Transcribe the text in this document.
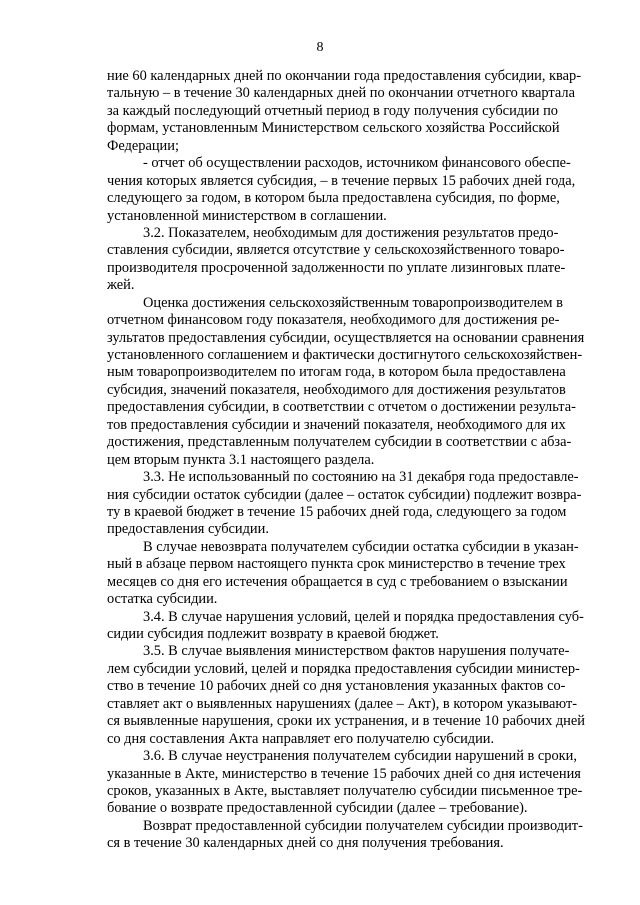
8
ние 60 календарных дней по окончании года предоставления субсидии, квар-
тальную – в течение 30 календарных дней по окончании отчетного квартала
за каждый последующий отчетный период в году получения субсидии по
формам, установленным Министерством сельского хозяйства Российской
Федерации;
- отчет об осуществлении расходов, источником финансового обеспе-
чения которых является субсидия, – в течение первых 15 рабочих дней года,
следующего за годом, в котором была предоставлена субсидия, по форме,
установленной министерством в соглашении.
3.2. Показателем, необходимым для достижения результатов предо-
ставления субсидии, является отсутствие у сельскохозяйственного товаро-
производителя просроченной задолженности по уплате лизинговых плате-
жей.
Оценка достижения сельскохозяйственным товаропроизводителем в
отчетном финансовом году показателя, необходимого для достижения ре-
зультатов предоставления субсидии, осуществляется на основании сравнения
установленного соглашением и фактически достигнутого сельскохозяйствен-
ным товаропроизводителем по итогам года, в котором была предоставлена
субсидия, значений показателя, необходимого для достижения результатов
предоставления субсидии, в соответствии с отчетом о достижении результа-
тов предоставления субсидии и значений показателя, необходимого для их
достижения, представленным получателем субсидии в соответствии с абза-
цем вторым пункта 3.1 настоящего раздела.
3.3. Не использованный по состоянию на 31 декабря года предоставле-
ния субсидии остаток субсидии (далее – остаток субсидии) подлежит возвра-
ту в краевой бюджет в течение 15 рабочих дней года, следующего за годом
предоставления субсидии.
В случае невозврата получателем субсидии остатка субсидии в указан-
ный в абзаце первом настоящего пункта срок министерство в течение трех
месяцев со дня его истечения обращается в суд с требованием о взыскании
остатка субсидии.
3.4. В случае нарушения условий, целей и порядка предоставления суб-
сидии субсидия подлежит возврату в краевой бюджет.
3.5. В случае выявления министерством фактов нарушения получате-
лем субсидии условий, целей и порядка предоставления субсидии министер-
ство в течение 10 рабочих дней со дня установления указанных фактов со-
ставляет акт о выявленных нарушениях (далее – Акт), в котором указывают-
ся выявленные нарушения, сроки их устранения, и в течение 10 рабочих дней
со дня составления Акта направляет его получателю субсидии.
3.6. В случае неустранения получателем субсидии нарушений в сроки,
указанные в Акте, министерство в течение 15 рабочих дней со дня истечения
сроков, указанных в Акте, выставляет получателю субсидии письменное тре-
бование о возврате предоставленной субсидии (далее – требование).
Возврат предоставленной субсидии получателем субсидии производит-
ся в течение 30 календарных дней со дня получения требования.
